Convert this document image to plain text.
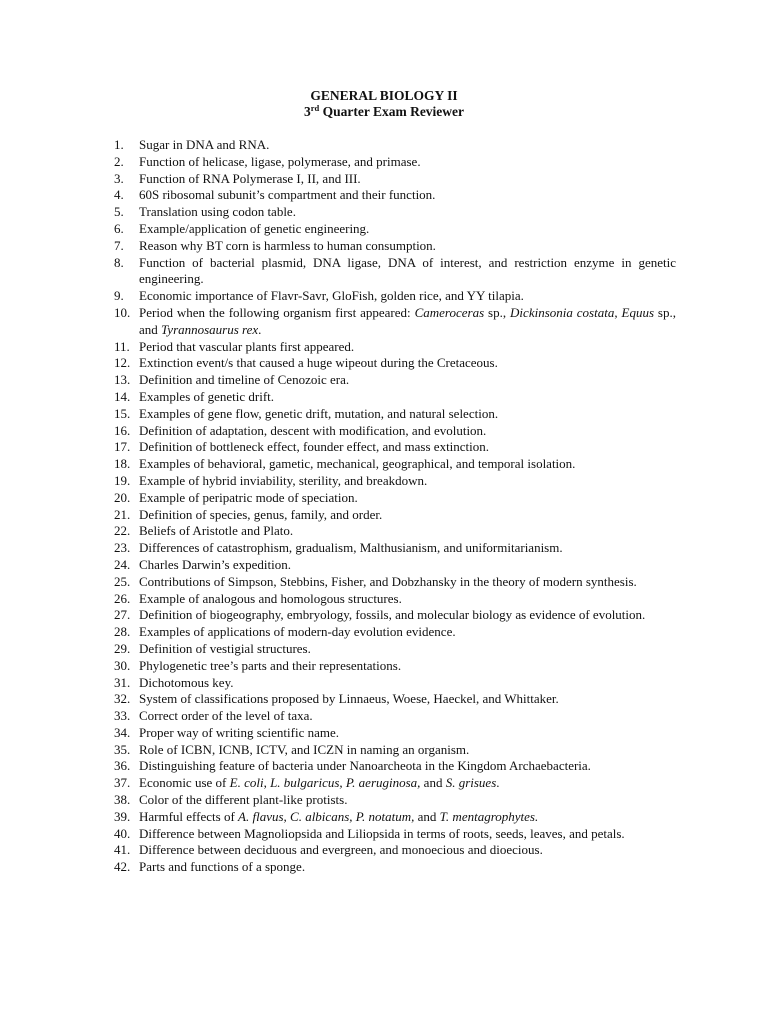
GENERAL BIOLOGY II
3rd Quarter Exam Reviewer
1. Sugar in DNA and RNA.
2. Function of helicase, ligase, polymerase, and primase.
3. Function of RNA Polymerase I, II, and III.
4. 60S ribosomal subunit’s compartment and their function.
5. Translation using codon table.
6. Example/application of genetic engineering.
7. Reason why BT corn is harmless to human consumption.
8. Function of bacterial plasmid, DNA ligase, DNA of interest, and restriction enzyme in genetic engineering.
9. Economic importance of Flavr-Savr, GloFish, golden rice, and YY tilapia.
10. Period when the following organism first appeared: Cameroceras sp., Dickinsonia costata, Equus sp., and Tyrannosaurus rex.
11. Period that vascular plants first appeared.
12. Extinction event/s that caused a huge wipeout during the Cretaceous.
13. Definition and timeline of Cenozoic era.
14. Examples of genetic drift.
15. Examples of gene flow, genetic drift, mutation, and natural selection.
16. Definition of adaptation, descent with modification, and evolution.
17. Definition of bottleneck effect, founder effect, and mass extinction.
18. Examples of behavioral, gametic, mechanical, geographical, and temporal isolation.
19. Example of hybrid inviability, sterility, and breakdown.
20. Example of peripatric mode of speciation.
21. Definition of species, genus, family, and order.
22. Beliefs of Aristotle and Plato.
23. Differences of catastrophism, gradualism, Malthusianism, and uniformitarianism.
24. Charles Darwin’s expedition.
25. Contributions of Simpson, Stebbins, Fisher, and Dobzhansky in the theory of modern synthesis.
26. Example of analogous and homologous structures.
27. Definition of biogeography, embryology, fossils, and molecular biology as evidence of evolution.
28. Examples of applications of modern-day evolution evidence.
29. Definition of vestigial structures.
30. Phylogenetic tree’s parts and their representations.
31. Dichotomous key.
32. System of classifications proposed by Linnaeus, Woese, Haeckel, and Whittaker.
33. Correct order of the level of taxa.
34. Proper way of writing scientific name.
35. Role of ICBN, ICNB, ICTV, and ICZN in naming an organism.
36. Distinguishing feature of bacteria under Nanoarcheota in the Kingdom Archaebacteria.
37. Economic use of E. coli, L. bulgaricus, P. aeruginosa, and S. grisues.
38. Color of the different plant-like protists.
39. Harmful effects of A. flavus, C. albicans, P. notatum, and T. mentagrophytes.
40. Difference between Magnoliopsida and Liliopsida in terms of roots, seeds, leaves, and petals.
41. Difference between deciduous and evergreen, and monoecious and dioecious.
42. Parts and functions of a sponge.
